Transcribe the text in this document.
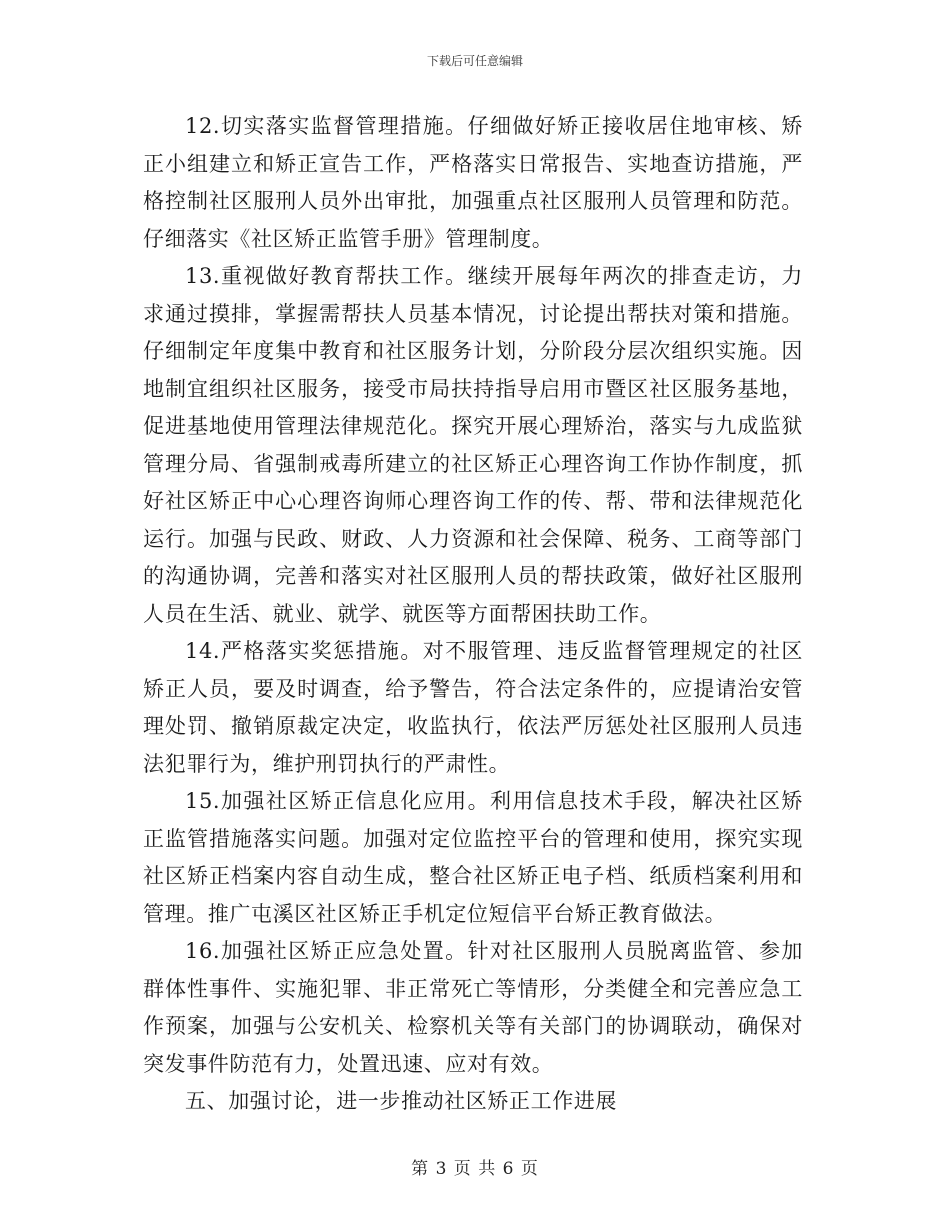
下载后可任意编辑

12.切实落实监督管理措施。仔细做好矫正接收居住地审核、矫正小组建立和矫正宣告工作，严格落实日常报告、实地查访措施，严格控制社区服刑人员外出审批，加强重点社区服刑人员管理和防范。仔细落实《社区矫正监管手册》管理制度。

13.重视做好教育帮扶工作。继续开展每年两次的排查走访，力求通过摸排，掌握需帮扶人员基本情况，讨论提出帮扶对策和措施。仔细制定年度集中教育和社区服务计划，分阶段分层次组织实施。因地制宜组织社区服务，接受市局扶持指导启用市暨区社区服务基地，促进基地使用管理法律规范化。探究开展心理矫治，落实与九成监狱管理分局、省强制戒毒所建立的社区矫正心理咨询工作协作制度，抓好社区矫正中心心理咨询师心理咨询工作的传、帮、带和法律规范化运行。加强与民政、财政、人力资源和社会保障、税务、工商等部门的沟通协调，完善和落实对社区服刑人员的帮扶政策，做好社区服刑人员在生活、就业、就学、就医等方面帮困扶助工作。

14.严格落实奖惩措施。对不服管理、违反监督管理规定的社区矫正人员，要及时调查，给予警告，符合法定条件的，应提请治安管理处罚、撤销原裁定决定，收监执行，依法严厉惩处社区服刑人员违法犯罪行为，维护刑罚执行的严肃性。

15.加强社区矫正信息化应用。利用信息技术手段，解决社区矫正监管措施落实问题。加强对定位监控平台的管理和使用，探究实现社区矫正档案内容自动生成，整合社区矫正电子档、纸质档案利用和管理。推广屯溪区社区矫正手机定位短信平台矫正教育做法。

16.加强社区矫正应急处置。针对社区服刑人员脱离监管、参加群体性事件、实施犯罪、非正常死亡等情形，分类健全和完善应急工作预案，加强与公安机关、检察机关等有关部门的协调联动，确保对突发事件防范有力，处置迅速、应对有效。

五、加强讨论，进一步推动社区矫正工作进展

第 3 页 共 6 页
